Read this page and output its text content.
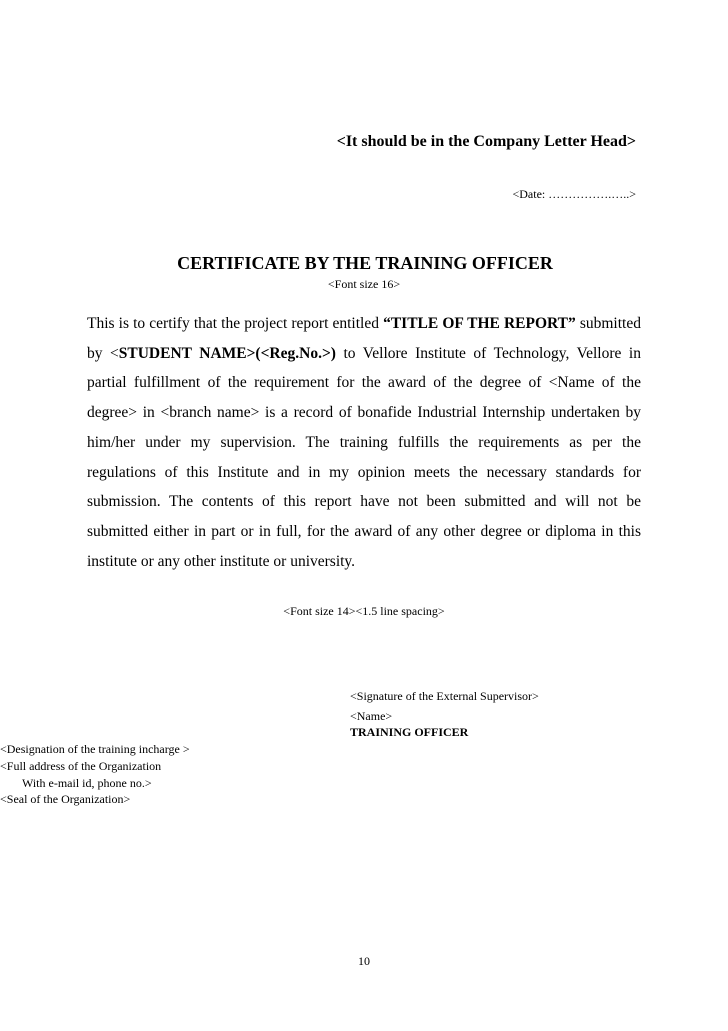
<It should be in the Company Letter Head>
<Date: …………….…..>
CERTIFICATE BY THE TRAINING OFFICER
<Font size 16>
This is to certify that the project report entitled “TITLE OF THE REPORT” submitted by <STUDENT NAME>(<Reg.No.>) to Vellore Institute of Technology, Vellore in partial fulfillment of the requirement for the award of the degree of <Name of the degree> in <branch name> is a record of bonafide Industrial Internship undertaken by him/her under my supervision. The training fulfills the requirements as per the regulations of this Institute and in my opinion meets the necessary standards for submission. The contents of this report have not been submitted and will not be submitted either in part or in full, for the award of any other degree or diploma in this institute or any other institute or university.
<Font size 14><1.5 line spacing>
<Signature of the External Supervisor>
<Name>
TRAINING OFFICER
<Designation of the training incharge >
<Full address of the Organization
With e-mail id, phone no.>
<Seal of the Organization>
10
